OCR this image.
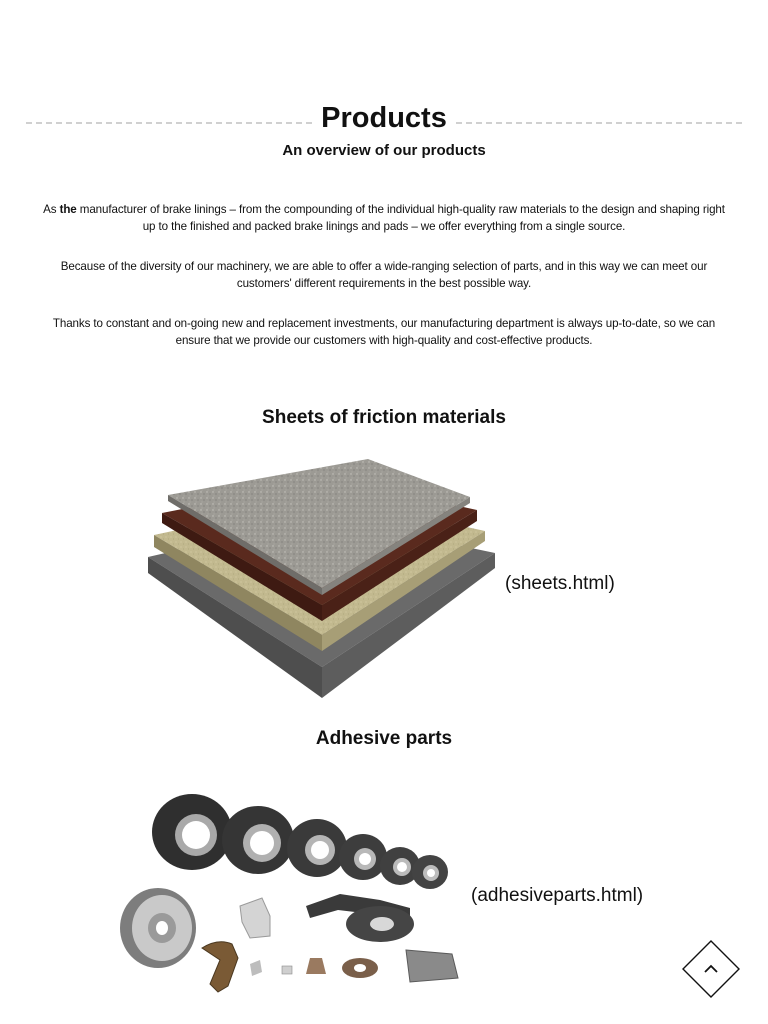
Products
An overview of our products

As the manufacturer of brake linings – from the compounding of the individual high-quality raw materials to the design and shaping right up to the finished and packed brake linings and pads – we offer everything from a single source.

Because of the diversity of our machinery, we are able to offer a wide-ranging selection of parts, and in this way we can meet our customers' different requirements in the best possible way.

Thanks to constant and on-going new and replacement investments, our manufacturing department is always up-to-date, so we can ensure that we provide our customers with high-quality and cost-effective products.

Sheets of friction materials
(sheets.html)
Adhesive parts
(adhesiveparts.html)
